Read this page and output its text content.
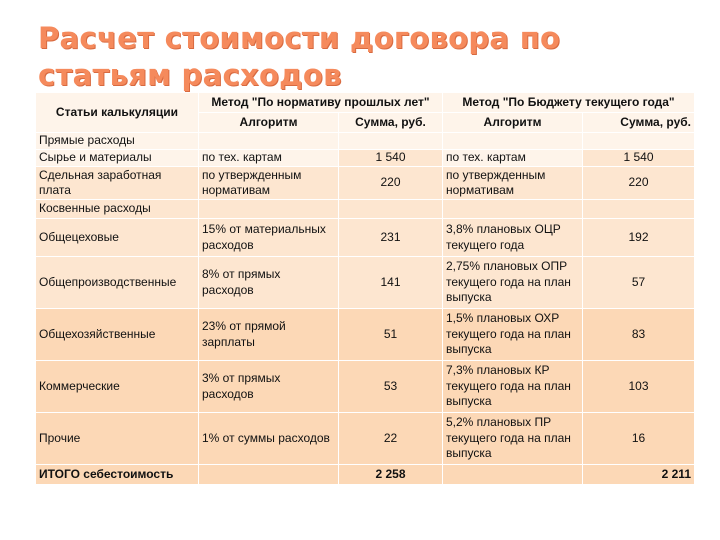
Расчет стоимости договора по статьям расходов
Статьи калькуляции	Метод "По нормативу прошлых лет"		Метод "По Бюджету текущего года"	
	Алгоритм	Сумма, руб.	Алгоритм	Сумма, руб.
Прямые расходы				
Сырье и материалы	по тех. картам	1 540	по тех. картам	1 540
Сдельная заработная плата	по утвержденным нормативам	220	по утвержденным нормативам	220
Косвенные расходы				
Общецеховые	15% от материальных расходов	231	3,8% плановых ОЦР текущего года	192
Общепроизводственные	8% от прямых расходов	141	2,75% плановых ОПР текущего года на план выпуска	57
Общехозяйственные	23% от прямой зарплаты	51	1,5% плановых ОХР текущего года на план выпуска	83
Коммерческие	3% от прямых расходов	53	7,3% плановых КР текущего года на план выпуска	103
Прочие	1% от суммы расходов	22	5,2% плановых ПР текущего года на план выпуска	16
ИТОГО себестоимость		2 258		2 211
